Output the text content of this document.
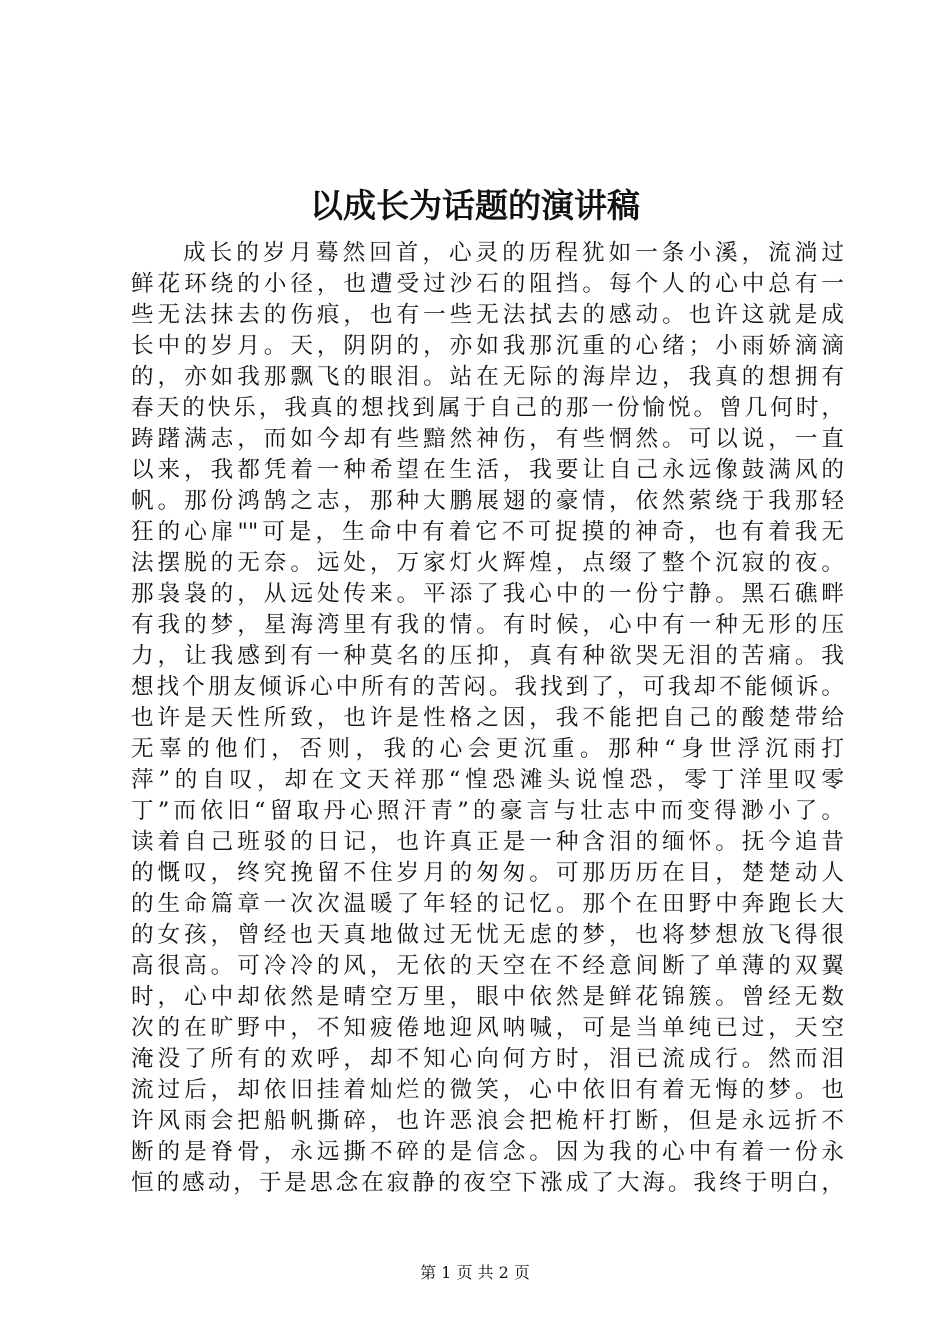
以成长为话题的演讲稿
成长的岁月蓦然回首，心灵的历程犹如一条小溪，流淌过
鲜花环绕的小径，也遭受过沙石的阻挡。每个人的心中总有一
些无法抹去的伤痕，也有一些无法拭去的感动。也许这就是成
长中的岁月。天，阴阴的，亦如我那沉重的心绪；小雨娇滴滴
的，亦如我那飘飞的眼泪。站在无际的海岸边，我真的想拥有
春天的快乐，我真的想找到属于自己的那一份愉悦。曾几何时，
踌躇满志，而如今却有些黯然神伤，有些惘然。可以说，一直
以来，我都凭着一种希望在生活，我要让自己永远像鼓满风的
帆。那份鸿鹄之志，那种大鹏展翅的豪情，依然萦绕于我那轻
狂的心扉""可是，生命中有着它不可捉摸的神奇，也有着我无
法摆脱的无奈。远处，万家灯火辉煌，点缀了整个沉寂的夜。
那袅袅的，从远处传来。平添了我心中的一份宁静。黑石礁畔
有我的梦，星海湾里有我的情。有时候，心中有一种无形的压
力，让我感到有一种莫名的压抑，真有种欲哭无泪的苦痛。我
想找个朋友倾诉心中所有的苦闷。我找到了，可我却不能倾诉。
也许是天性所致，也许是性格之因，我不能把自己的酸楚带给
无辜的他们，否则，我的心会更沉重。那种“身世浮沉雨打
萍”的自叹，却在文天祥那“惶恐滩头说惶恐，零丁洋里叹零
丁”而依旧“留取丹心照汗青”的豪言与壮志中而变得渺小了。
读着自己班驳的日记，也许真正是一种含泪的缅怀。抚今追昔
的慨叹，终究挽留不住岁月的匆匆。可那历历在目，楚楚动人
的生命篇章一次次温暖了年轻的记忆。那个在田野中奔跑长大
的女孩，曾经也天真地做过无忧无虑的梦，也将梦想放飞得很
高很高。可冷冷的风，无依的天空在不经意间断了单薄的双翼
时，心中却依然是晴空万里，眼中依然是鲜花锦簇。曾经无数
次的在旷野中，不知疲倦地迎风呐喊，可是当单纯已过，天空
淹没了所有的欢呼，却不知心向何方时，泪已流成行。然而泪
流过后，却依旧挂着灿烂的微笑，心中依旧有着无悔的梦。也
许风雨会把船帆撕碎，也许恶浪会把桅杆打断，但是永远折不
断的是脊骨，永远撕不碎的是信念。因为我的心中有着一份永
恒的感动，于是思念在寂静的夜空下涨成了大海。我终于明白，
第 1 页 共 2 页
